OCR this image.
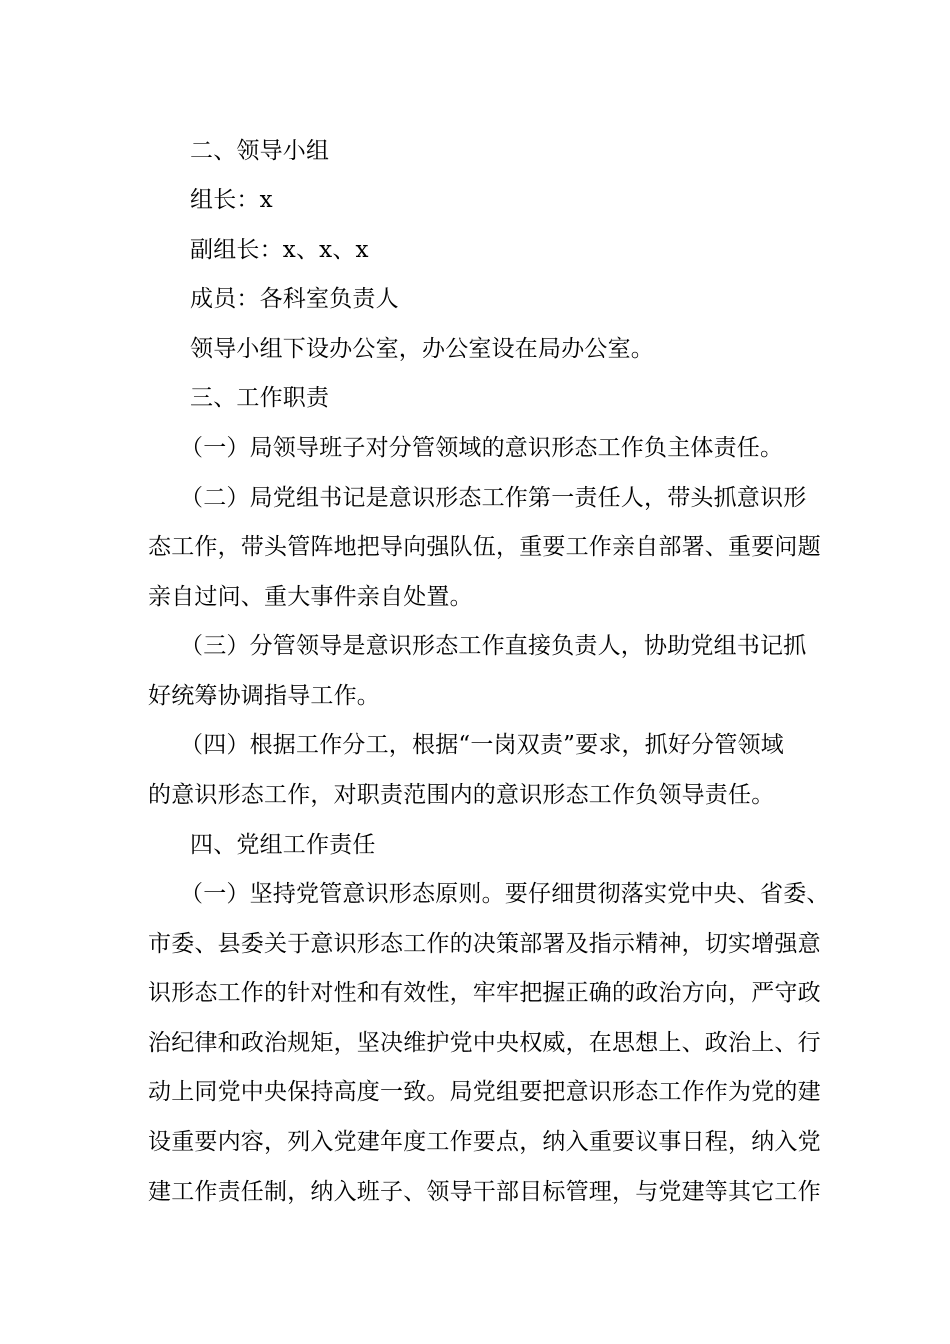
二、领导小组
组长：x
副组长：x、x、x
成员：各科室负责人
领导小组下设办公室，办公室设在局办公室。
三、工作职责
（一）局领导班子对分管领域的意识形态工作负主体责任。
（二）局党组书记是意识形态工作第一责任人，带头抓意识形
态工作，带头管阵地把导向强队伍，重要工作亲自部署、重要问题
亲自过问、重大事件亲自处置。
（三）分管领导是意识形态工作直接负责人，协助党组书记抓
好统筹协调指导工作。
（四）根据工作分工，根据“一岗双责”要求，抓好分管领域
的意识形态工作，对职责范围内的意识形态工作负领导责任。
四、党组工作责任
（一）坚持党管意识形态原则。要仔细贯彻落实党中央、省委、
市委、县委关于意识形态工作的决策部署及指示精神，切实增强意
识形态工作的针对性和有效性，牢牢把握正确的政治方向，严守政
治纪律和政治规矩，坚决维护党中央权威，在思想上、政治上、行
动上同党中央保持高度一致。局党组要把意识形态工作作为党的建
设重要内容，列入党建年度工作要点，纳入重要议事日程，纳入党
建工作责任制，纳入班子、领导干部目标管理，与党建等其它工作
